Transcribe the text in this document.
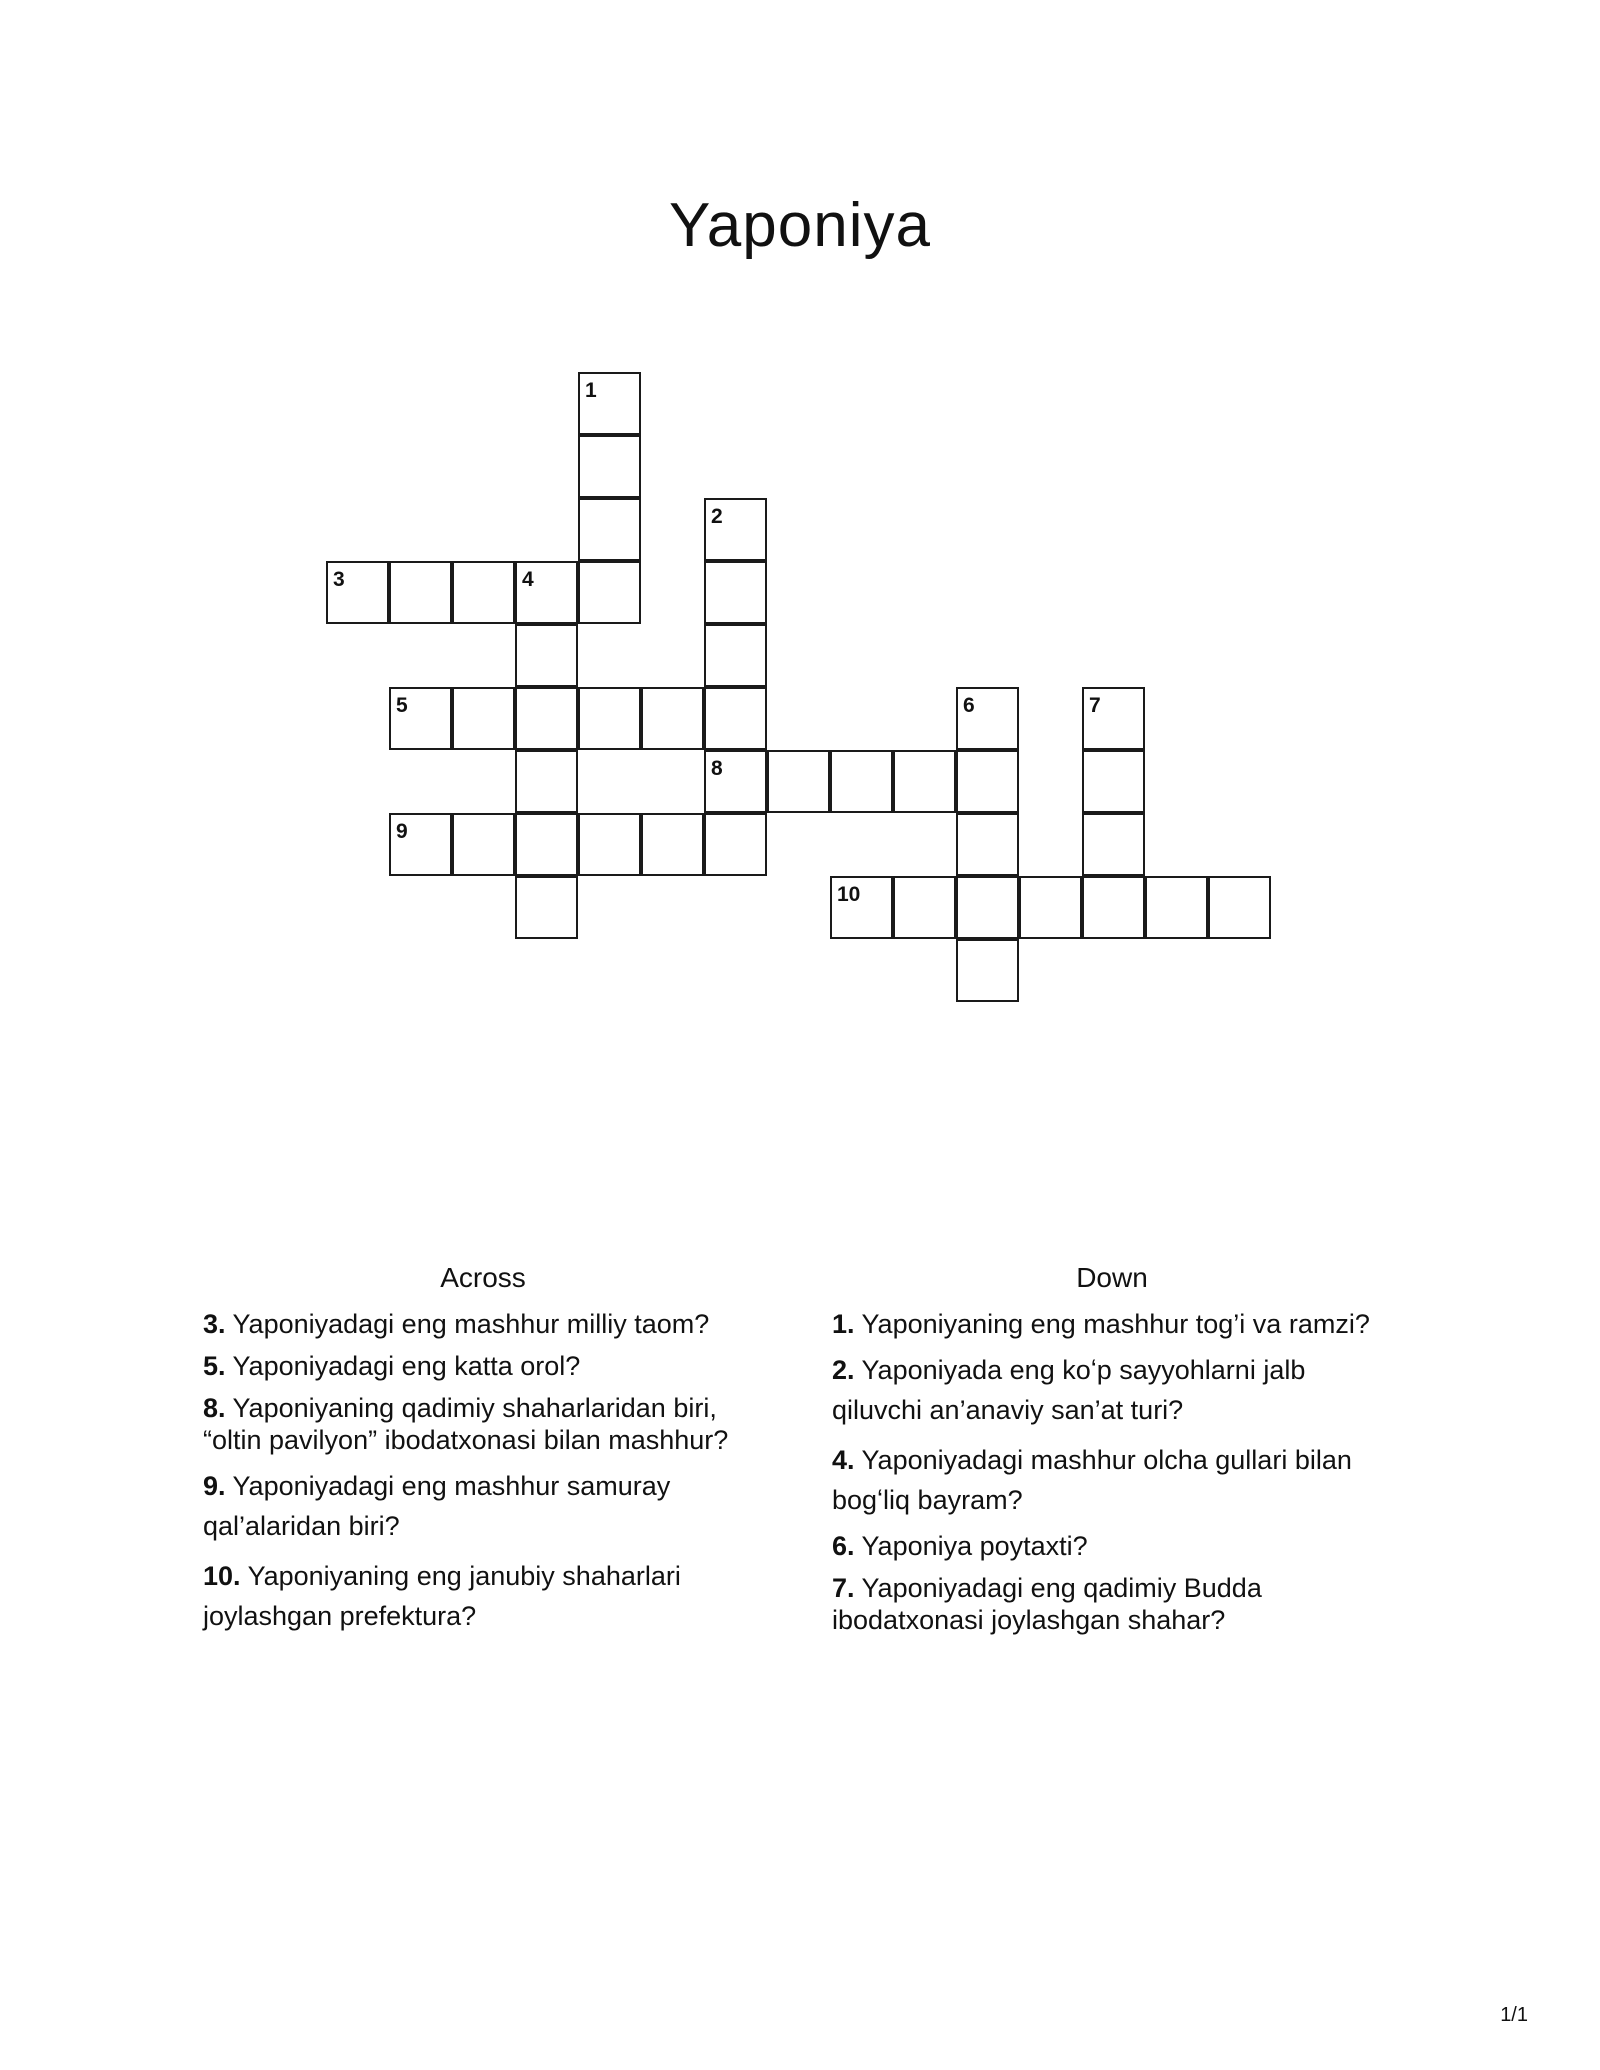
Yaponiya
1
2
3	4
5	6	7
8
9
10
Across
3. Yaponiyadagi eng mashhur milliy taom?
5. Yaponiyadagi eng katta orol?
8. Yaponiyaning qadimiy shaharlaridan biri, “oltin pavilyon” ibodatxonasi bilan mashhur?
9. Yaponiyadagi eng mashhur samuray qal’alaridan biri?
10. Yaponiyaning eng janubiy shaharlari joylashgan prefektura?
Down
1. Yaponiyaning eng mashhur tog’i va ramzi?
2. Yaponiyada eng koʻp sayyohlarni jalb qiluvchi an’anaviy san’at turi?
4. Yaponiyadagi mashhur olcha gullari bilan bogʻliq bayram?
6. Yaponiya poytaxti?
7. Yaponiyadagi eng qadimiy Budda ibodatxonasi joylashgan shahar?
1/1
